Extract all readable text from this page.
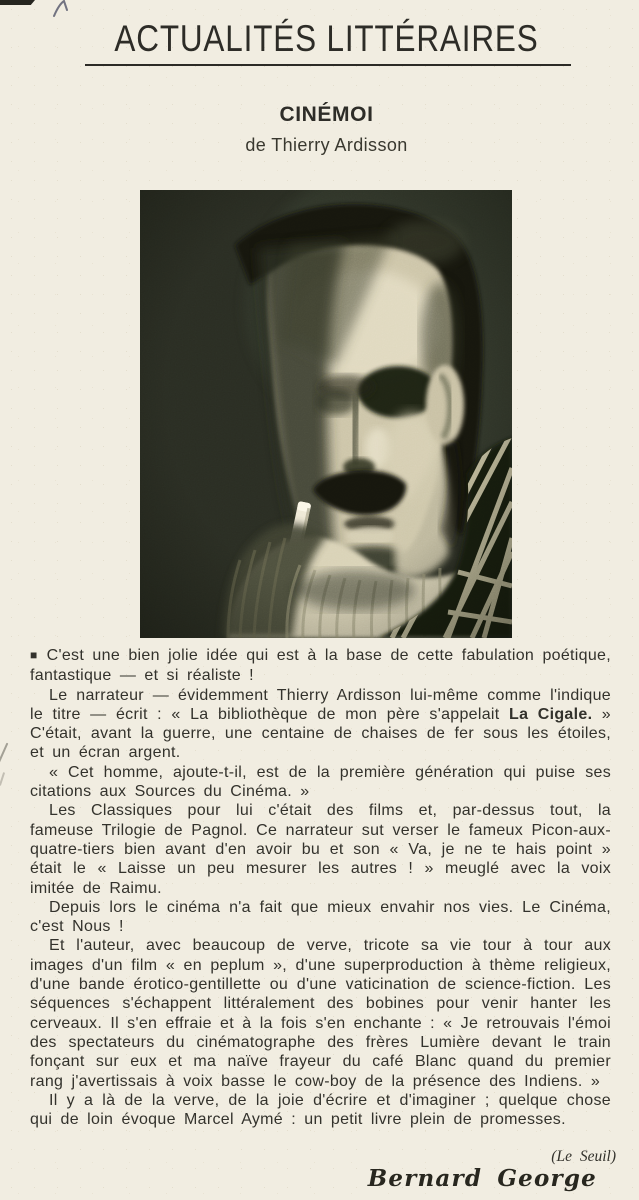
ACTUALITÉS LITTÉRAIRES
CINÉMOI
de Thierry Ardisson

■ C'est une bien jolie idée qui est à la base de cette fabulation poétique, fantastique — et si réaliste !

Le narrateur — évidemment Thierry Ardisson lui-même comme l'indique le titre — écrit : « La bibliothèque de mon père s'appelait La Cigale. » C'était, avant la guerre, une centaine de chaises de fer sous les étoiles, et un écran argent.

« Cet homme, ajoute-t-il, est de la première génération qui puise ses citations aux Sources du Cinéma. »

Les Classiques pour lui c'était des films et, par-dessus tout, la fameuse Trilogie de Pagnol. Ce narrateur sut verser le fameux Picon-aux-quatre-tiers bien avant d'en avoir bu et son « Va, je ne te hais point » était le « Laisse un peu mesurer les autres ! » meuglé avec la voix imitée de Raimu.

Depuis lors le cinéma n'a fait que mieux envahir nos vies. Le Cinéma, c'est Nous !

Et l'auteur, avec beaucoup de verve, tricote sa vie tour à tour aux images d'un film « en peplum », d'une superproduction à thème religieux, d'une bande érotico-gentillette ou d'une vaticination de science-fiction. Les séquences s'échappent littéralement des bobines pour venir hanter les cerveaux. Il s'en effraie et à la fois s'en enchante : « Je retrouvais l'émoi des spectateurs du cinématographe des frères Lumière devant le train fonçant sur eux et ma naïve frayeur du café Blanc quand du premier rang j'avertissais à voix basse le cow-boy de la présence des Indiens. »

Il y a là de la verve, de la joie d'écrire et d'imaginer ; quelque chose qui de loin évoque Marcel Aymé : un petit livre plein de promesses.

(Le Seuil)
Bernard George
